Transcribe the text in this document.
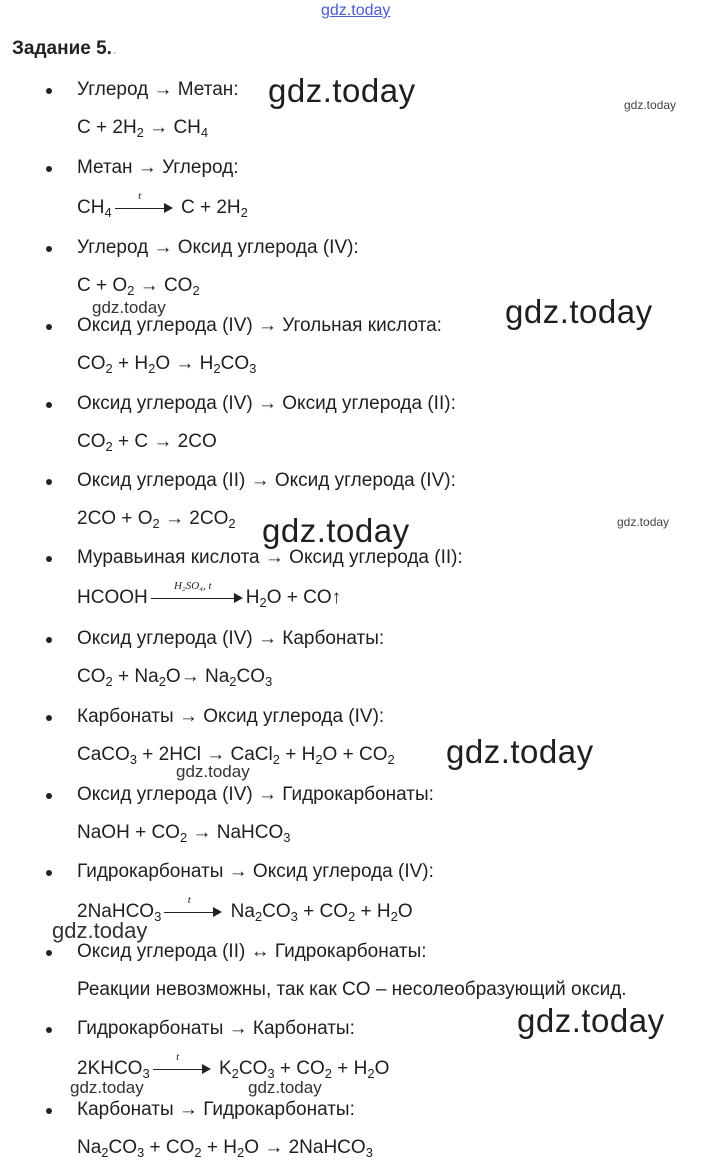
gdz.today
Задание 5..
Углерод → Метан:
$C + 2H_2 \to CH_4$
Метан → Углерод:
$CH_4$
t
$C + 2H_2$
Углерод → Оксид углерода (IV):
$C + O_2 \to CO_2$
Оксид углерода (IV) → Угольная кислота:
$CO_2 + H_2O \to H_2CO_3$
Оксид углерода (IV) → Оксид углерода (II):
$CO_2 + C \to 2CO$
Оксид углерода (II) → Оксид углерода (IV):
$2CO + O_2 \to 2CO_2$
Муравьиная кислота → Оксид углерода (II):
HCOOH
H₂SO₄, t
$H_2O$ + CO↑
Оксид углерода (IV) → Карбонаты:
$CO_2 + Na_2O\to Na_2CO_3$
Карбонаты → Оксид углерода (IV):
CaCO$_3$ + 2HCl → CaCl$_2$ + $H_2O + CO_2$
Оксид углерода (IV) → Гидрокарбонаты:
NaOH + $CO_2$ → NaHCO$_3$
Гидрокарбонаты → Оксид углерода (IV):
2NaHCO$_3$
t
$Na_2CO_3 + CO_2 + H_2O$
Оксид углерода (II) ↔ Гидрокарбонаты:
Реакции невозможны, так как CO – несолеобразующий оксид.
Гидрокарбонаты → Карбонаты:
$2KHCO_3$
t
$K_2CO_3 + CO_2 + H_2O$
Карбонаты → Гидрокарбонаты:
$Na_2CO_3 + CO_2 + H_2O$ → 2NaHCO$_3$
gdz.today	gdz.today
gdz.today	gdz.today
gdz.today	gdz.today
gdz.today
gdz.today
gdz.today
gdz.today
gdz.today	gdz.today
